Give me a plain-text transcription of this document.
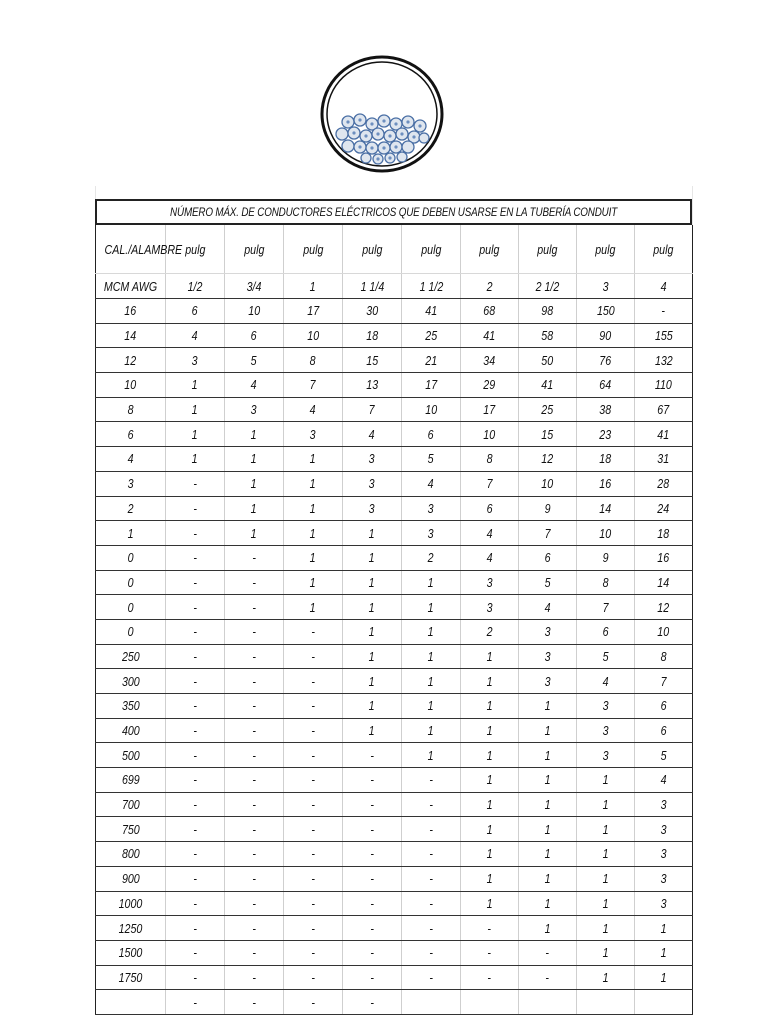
NÚMERO MÁX. DE CONDUCTORES ELÉCTRICOS QUE DEBEN USARSE EN LA TUBERÍA CONDUIT
CAL./ALAMBRE	pulg	pulg	pulg	pulg	pulg	pulg	pulg	pulg	pulg
MCM AWG	1/2	3/4	1	1 1/4	1 1/2	2	2 1/2	3	4
16	6	10	17	30	41	68	98	150	-
14	4	6	10	18	25	41	58	90	155
12	3	5	8	15	21	34	50	76	132
10	1	4	7	13	17	29	41	64	110
8	1	3	4	7	10	17	25	38	67
6	1	1	3	4	6	10	15	23	41
4	1	1	1	3	5	8	12	18	31
3	-	1	1	3	4	7	10	16	28
2	-	1	1	3	3	6	9	14	24
1	-	1	1	1	3	4	7	10	18
0	-	-	1	1	2	4	6	9	16
0	-	-	1	1	1	3	5	8	14
0	-	-	1	1	1	3	4	7	12
0	-	-	-	1	1	2	3	6	10
250	-	-	-	1	1	1	3	5	8
300	-	-	-	1	1	1	3	4	7
350	-	-	-	1	1	1	1	3	6
400	-	-	-	1	1	1	1	3	6
500	-	-	-	-	1	1	1	3	5
699	-	-	-	-	-	1	1	1	4
700	-	-	-	-	-	1	1	1	3
750	-	-	-	-	-	1	1	1	3
800	-	-	-	-	-	1	1	1	3
900	-	-	-	-	-	1	1	1	3
1000	-	-	-	-	-	1	1	1	3
1250	-	-	-	-	-	-	1	1	1
1500	-	-	-	-	-	-	-	1	1
1750	-	-	-	-	-	-	-	1	1
	-	-	-	-					
